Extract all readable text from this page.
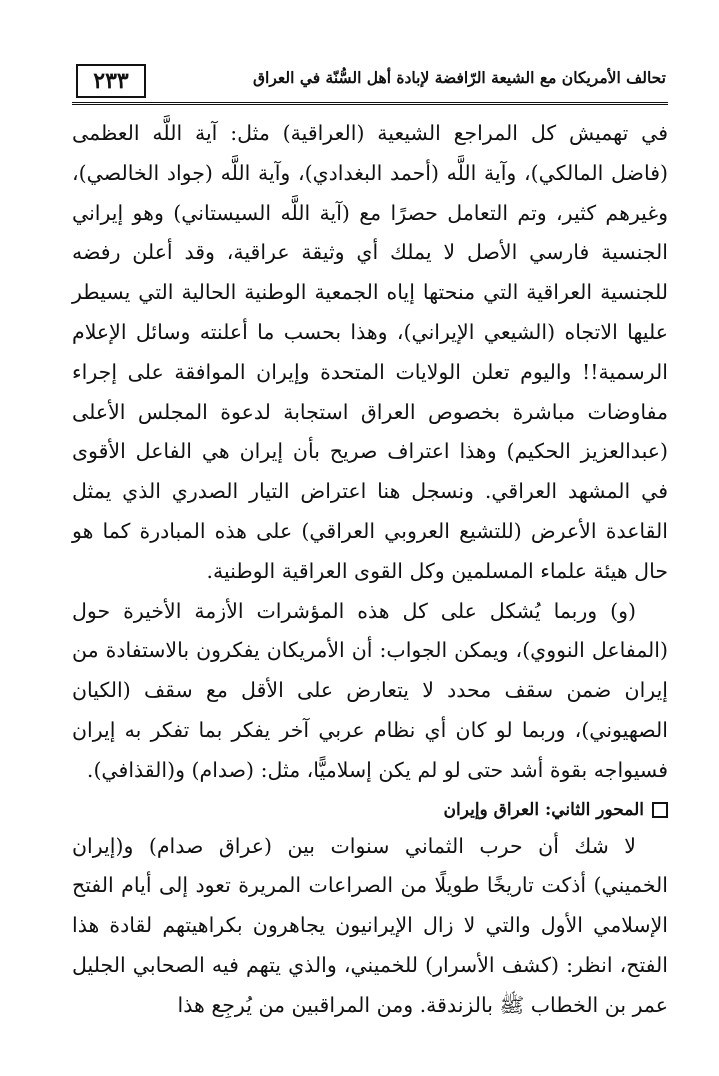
٢٣٣	تحالف الأمريكان مع الشيعة الرّافضة لإبادة أهل السُّنّة في العراق

في تهميش كل المراجع الشيعية (العراقية) مثل: آية اللَّه العظمى (فاضل المالكي)، وآية اللَّه (أحمد البغدادي)، وآية اللَّه (جواد الخالصي)، وغيرهم كثير، وتم التعامل حصرًا مع (آية اللَّه السيستاني) وهو إيراني الجنسية فارسي الأصل لا يملك أي وثيقة عراقية، وقد أعلن رفضه للجنسية العراقية التي منحتها إياه الجمعية الوطنية الحالية التي يسيطر عليها الاتجاه (الشيعي الإيراني)، وهذا بحسب ما أعلنته وسائل الإعلام الرسمية!! واليوم تعلن الولايات المتحدة وإيران الموافقة على إجراء مفاوضات مباشرة بخصوص العراق استجابة لدعوة المجلس الأعلى (عبدالعزيز الحكيم) وهذا اعتراف صريح بأن إيران هي الفاعل الأقوى في المشهد العراقي. ونسجل هنا اعتراض التيار الصدري الذي يمثل القاعدة الأعرض (للتشيع العروبي العراقي) على هذه المبادرة كما هو حال هيئة علماء المسلمين وكل القوى العراقية الوطنية.

(و) وربما يُشكل على كل هذه المؤشرات الأزمة الأخيرة حول (المفاعل النووي)، ويمكن الجواب: أن الأمريكان يفكرون بالاستفادة من إيران ضمن سقف محدد لا يتعارض على الأقل مع سقف (الكيان الصهيوني)، وربما لو كان أي نظام عربي آخر يفكر بما تفكر به إيران فسيواجه بقوة أشد حتى لو لم يكن إسلاميًّا، مثل: (صدام) و(القذافي).

المحور الثاني: العراق وإيران

لا شك أن حرب الثماني سنوات بين (عراق صدام) و(إيران الخميني) أذكت تاريخًا طويلًا من الصراعات المريرة تعود إلى أيام الفتح الإسلامي الأول والتي لا زال الإيرانيون يجاهرون بكراهيتهم لقادة هذا الفتح، انظر: (كشف الأسرار) للخميني، والذي يتهم فيه الصحابي الجليل عمر بن الخطاب ﷺ بالزندقة. ومن المراقبين من يُرجِع هذا
